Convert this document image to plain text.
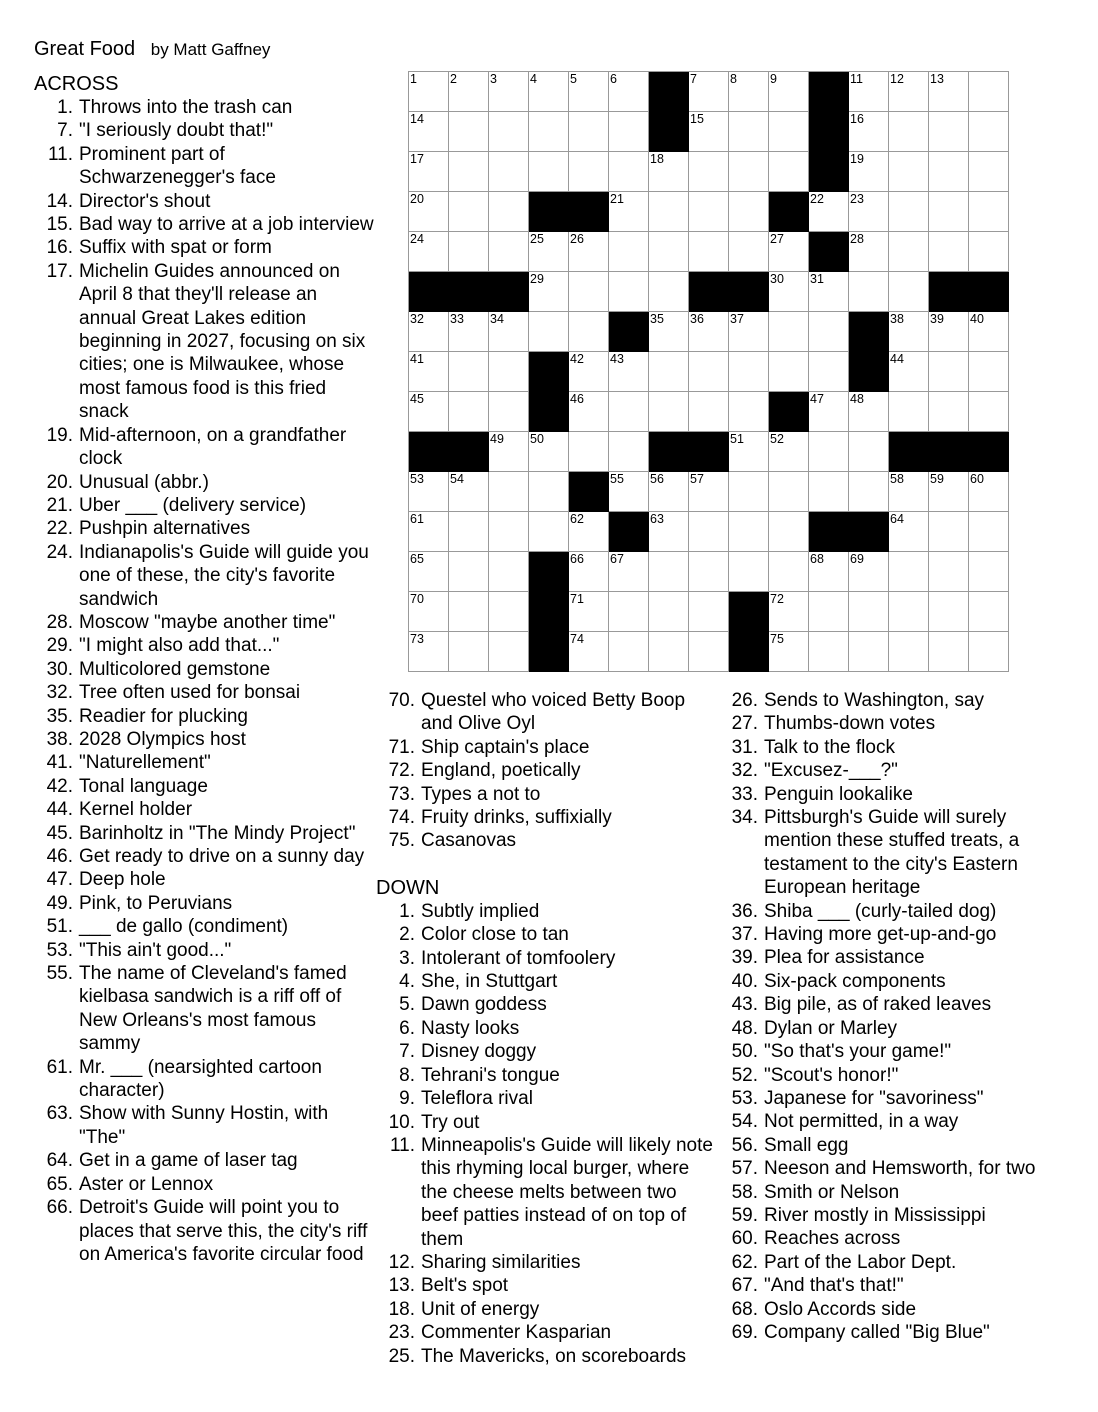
Great Food by Matt Gaffney
ACROSS
1. Throws into the trash can
7. "I seriously doubt that!"
11. Prominent part of Schwarzenegger's face
14. Director's shout
15. Bad way to arrive at a job interview
16. Suffix with spat or form
17. Michelin Guides announced on April 8 that they'll release an annual Great Lakes edition beginning in 2027, focusing on six cities; one is Milwaukee, whose most famous food is this fried snack
19. Mid-afternoon, on a grandfather clock
20. Unusual (abbr.)
21. Uber ___ (delivery service)
22. Pushpin alternatives
24. Indianapolis's Guide will guide you one of these, the city's favorite sandwich
28. Moscow "maybe another time"
29. "I might also add that..."
30. Multicolored gemstone
32. Tree often used for bonsai
35. Readier for plucking
38. 2028 Olympics host
41. "Naturellement"
42. Tonal language
44. Kernel holder
45. Barinholtz in "The Mindy Project"
46. Get ready to drive on a sunny day
47. Deep hole
49. Pink, to Peruvians
51. ___ de gallo (condiment)
53. "This ain't good..."
55. The name of Cleveland's famed kielbasa sandwich is a riff off of New Orleans's most famous sammy
61. Mr. ___ (nearsighted cartoon character)
63. Show with Sunny Hostin, with "The"
64. Get in a game of laser tag
65. Aster or Lennox
66. Detroit's Guide will point you to places that serve this, the city's riff on America's favorite circular food
1	2	3	4	5	6	7	8	9	11 12 13
14	15	16
17	18	19
20	21	22 23
24	25 26	27	28
29	30 31
32 33 34	35 36 37	38 39 40
41	42 43	44
45	46	47 48
49 50	51 52
53 54	55 56 57	58 59 60
61	62	63	64
65	66 67	68 69
70	71	72
73	74	75
70. Questel who voiced Betty Boop and Olive Oyl
71. Ship captain's place
72. England, poetically
73. Types a not to
74. Fruity drinks, suffixially
75. Casanovas
DOWN
1. Subtly implied
2. Color close to tan
3. Intolerant of tomfoolery
4. She, in Stuttgart
5. Dawn goddess
6. Nasty looks
7. Disney doggy
8. Tehrani's tongue
9. Teleflora rival
10. Try out
11. Minneapolis's Guide will likely note this rhyming local burger, where the cheese melts between two beef patties instead of on top of them
12. Sharing similarities
13. Belt's spot
18. Unit of energy
23. Commenter Kasparian
25. The Mavericks, on scoreboards
26. Sends to Washington, say
27. Thumbs-down votes
31. Talk to the flock
32. "Excusez-___?"
33. Penguin lookalike
34. Pittsburgh's Guide will surely mention these stuffed treats, a testament to the city's Eastern European heritage
36. Shiba ___ (curly-tailed dog)
37. Having more get-up-and-go
39. Plea for assistance
40. Six-pack components
43. Big pile, as of raked leaves
48. Dylan or Marley
50. "So that's your game!"
52. "Scout's honor!"
53. Japanese for "savoriness"
54. Not permitted, in a way
56. Small egg
57. Neeson and Hemsworth, for two
58. Smith or Nelson
59. River mostly in Mississippi
60. Reaches across
62. Part of the Labor Dept.
67. "And that's that!"
68. Oslo Accords side
69. Company called "Big Blue"
